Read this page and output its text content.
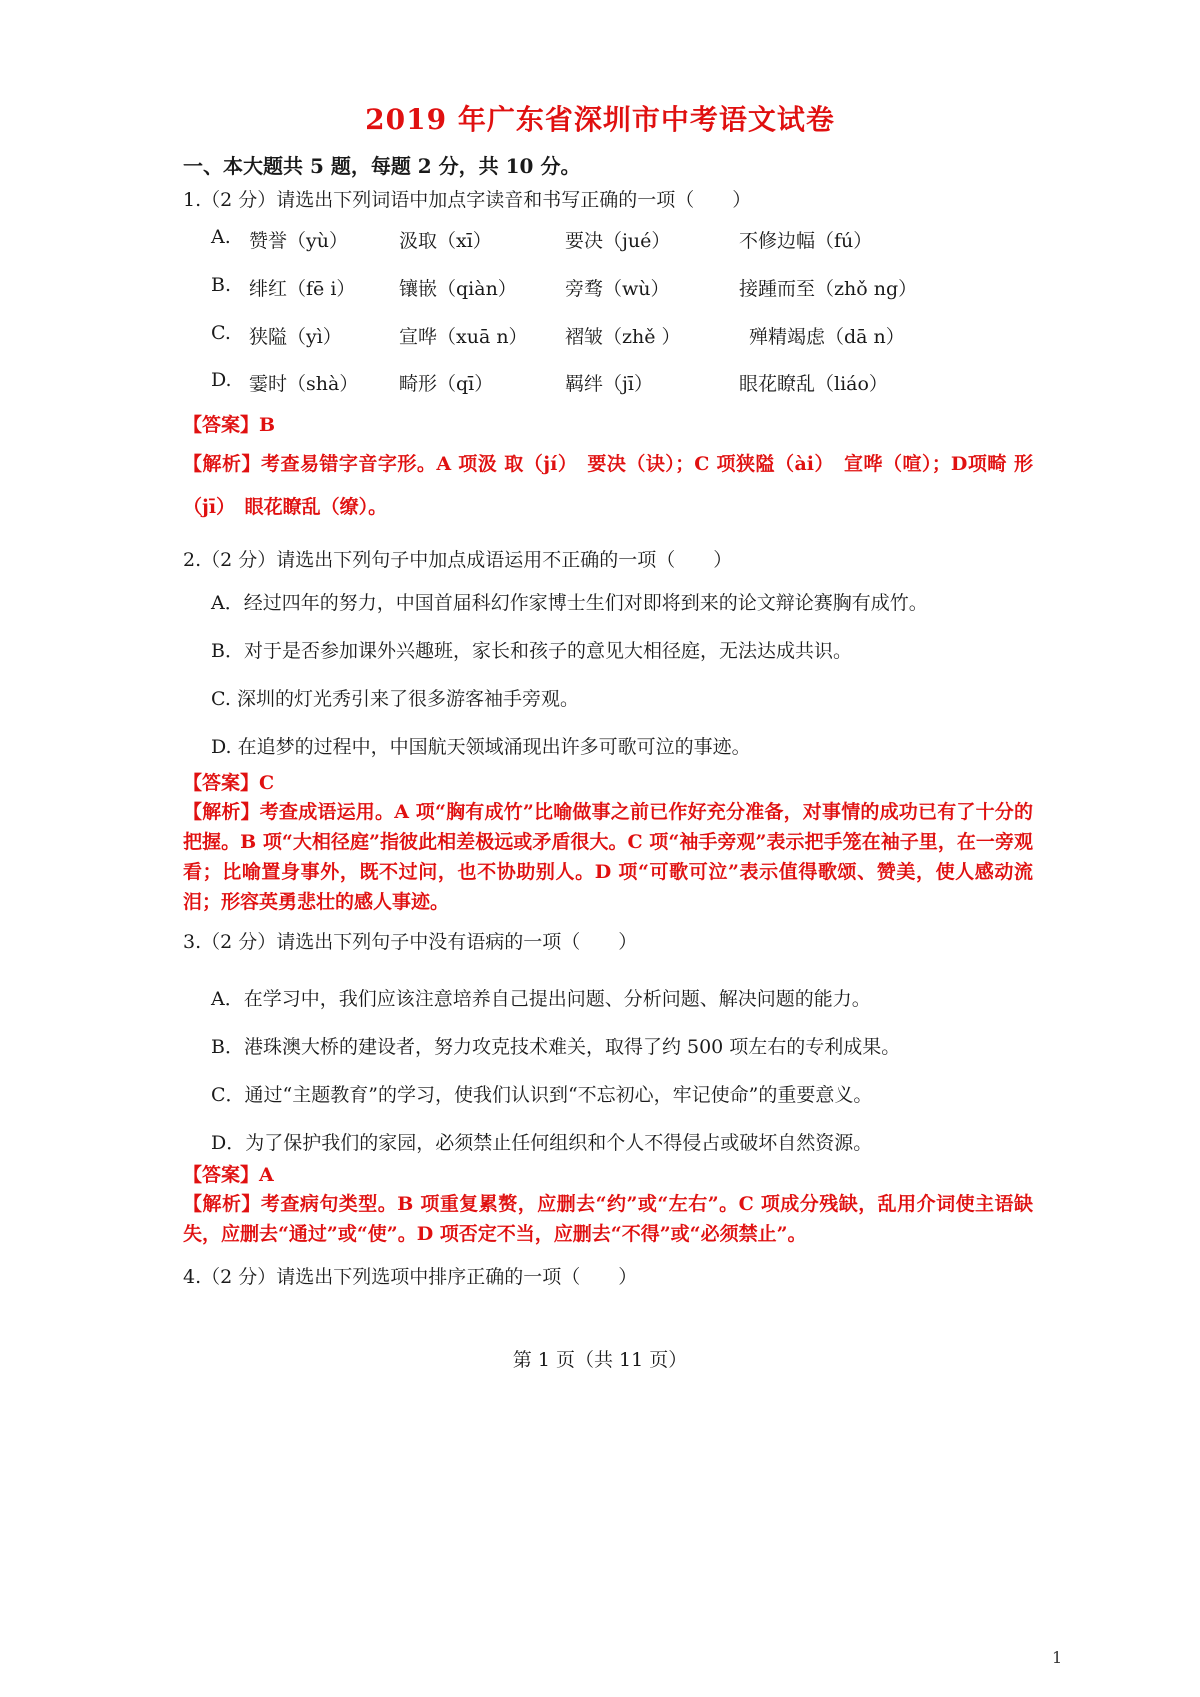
2019 年广东省深圳市中考语文试卷
一、本大题共 5 题，每题 2 分，共 10 分。
1.（2 分）请选出下列词语中加点字读音和书写正确的一项（　　）
A. 赞誉（yù）	汲取（xī）	要决（jué）	不修边幅（fú）
B. 绯红（fē i） 镶嵌（qiàn）	旁骛（wù）	接踵而至（zhǒ ng）
C. 狭隘（yì）	宣哗（xuā n） 褶皱（zhě ）	殚精竭虑（dā n）
D. 霎时（shà） 畸形（qī）	羁绊（jī）	眼花瞭乱（liáo）
【答案】B
【解析】考查易错字音字形。A 项汲 取（jí）　要决（诀）；C 项狭隘（ài）　宣哗（喧）；D项畸 形（jī）　眼花瞭乱（缭）。
2.（2 分）请选出下列句子中加点成语运用不正确的一项（　　）
A．经过四年的努力，中国首届科幻作家博士生们对即将到来的论文辩论赛胸有成竹。
B．对于是否参加课外兴趣班，家长和孩子的意见大相径庭，无法达成共识。
C. 深圳的灯光秀引来了很多游客袖手旁观。
D. 在追梦的过程中，中国航天领域涌现出许多可歌可泣的事迹。
【答案】C
【解析】考查成语运用。A 项“胸有成竹”比喻做事之前已作好充分准备，对事情的成功已有了十分的把握。B 项“大相径庭”指彼此相差极远或矛盾很大。C 项“袖手旁观”表示把手笼在袖子里，在一旁观看；比喻置身事外，既不过问，也不协助别人。D 项“可歌可泣”表示值得歌颂、赞美，使人感动流泪；形容英勇悲壮的感人事迹。
3.（2 分）请选出下列句子中没有语病的一项（　　）
A．在学习中，我们应该注意培养自己提出问题、分析问题、解决问题的能力。
B．港珠澳大桥的建设者，努力攻克技术难关，取得了约 500 项左右的专利成果。
C．通过“主题教育”的学习，使我们认识到“不忘初心，牢记使命”的重要意义。
D．为了保护我们的家园，必须禁止任何组织和个人不得侵占或破坏自然资源。
【答案】A
【解析】考查病句类型。B 项重复累赘，应删去“约”或“左右”。C 项成分残缺，乱用介词使主语缺失，应删去“通过”或“使”。D 项否定不当，应删去“不得”或“必须禁止”。
4.（2 分）请选出下列选项中排序正确的一项（　　）
第 1 页（共 11 页）
1
